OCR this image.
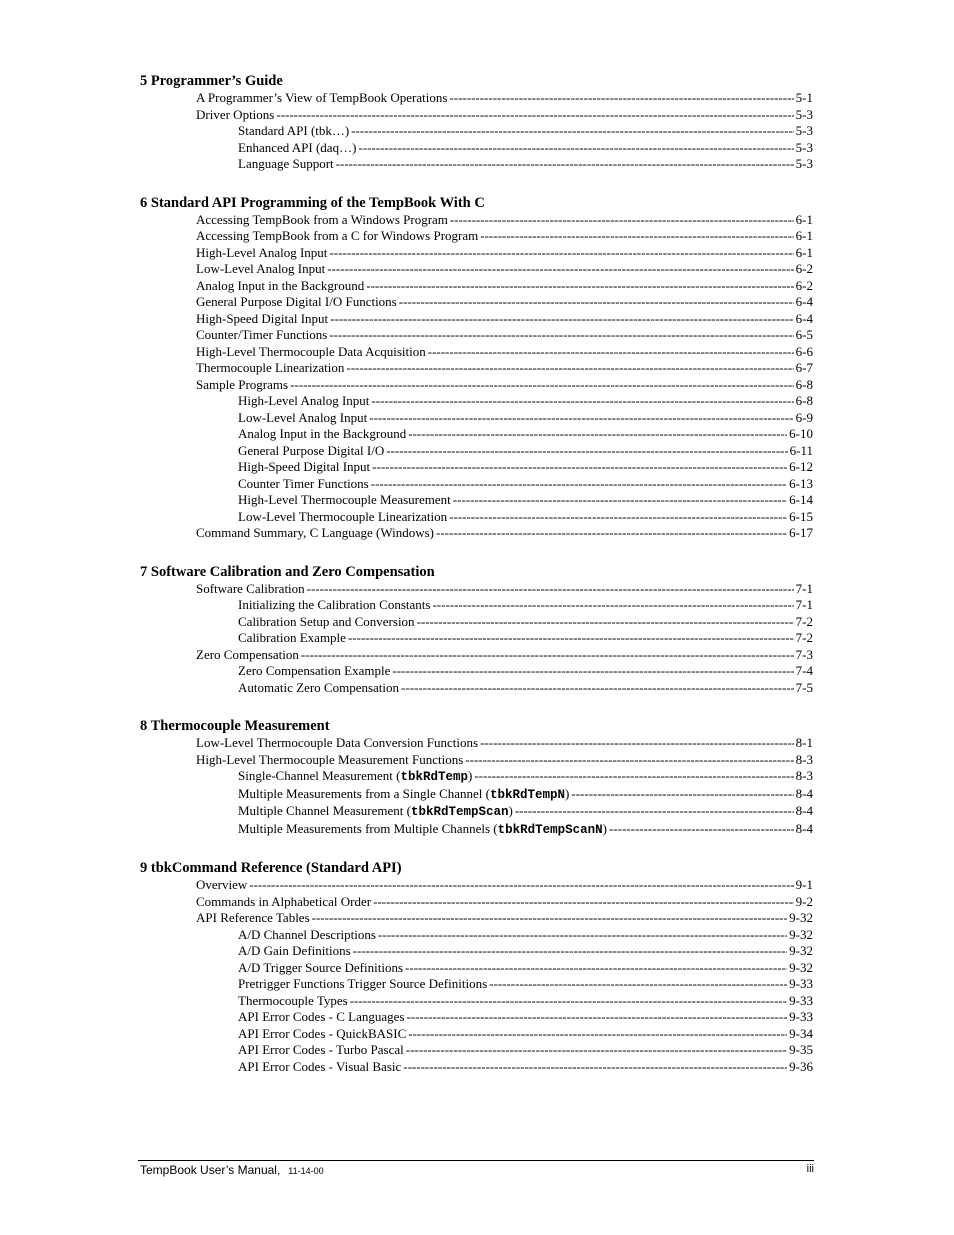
5 Programmer’s Guide
A Programmer’s View of TempBook Operations -----	5-1
Driver Options -----	5-3
Standard API (tbk…) -----	5-3
Enhanced API (daq…) -----	5-3
Language Support -----	5-3
6 Standard API Programming of the TempBook With C
Accessing TempBook from a Windows Program -----	6-1
Accessing TempBook from a C for Windows Program -----	6-1
High-Level Analog Input -----	6-1
Low-Level Analog Input -----	6-2
Analog Input in the Background -----	6-2
General Purpose Digital I/O Functions -----	6-4
High-Speed Digital Input -----	6-4
Counter/Timer Functions -----	6-5
High-Level Thermocouple Data Acquisition -----	6-6
Thermocouple Linearization -----	6-7
Sample Programs -----	6-8
High-Level Analog Input -----	6-8
Low-Level Analog Input -----	6-9
Analog Input in the Background -----	6-10
General Purpose Digital I/O -----	6-11
High-Speed Digital Input -----	6-12
Counter Timer Functions -----	6-13
High-Level Thermocouple Measurement -----	6-14
Low-Level Thermocouple Linearization -----	6-15
Command Summary, C Language (Windows) -----	6-17
7 Software Calibration and Zero Compensation
Software Calibration -----	7-1
Initializing the Calibration Constants -----	7-1
Calibration Setup and Conversion -----	7-2
Calibration Example -----	7-2
Zero Compensation -----	7-3
Zero Compensation Example -----	7-4
Automatic Zero Compensation -----	7-5
8 Thermocouple Measurement
Low-Level Thermocouple Data Conversion Functions -----	8-1
High-Level Thermocouple Measurement Functions -----	8-3
Single-Channel Measurement (tbkRdTemp) -----	8-3
Multiple Measurements from a Single Channel (tbkRdTempN) -----	8-4
Multiple Channel Measurement (tbkRdTempScan) -----	8-4
Multiple Measurements from Multiple Channels (tbkRdTempScanN) -----	8-4
9 tbkCommand Reference (Standard API)
Overview -----	9-1
Commands in Alphabetical Order -----	9-2
API Reference Tables -----	9-32
A/D Channel Descriptions -----	9-32
A/D Gain Definitions -----	9-32
A/D Trigger Source Definitions -----	9-32
Pretrigger Functions Trigger Source Definitions -----	9-33
Thermocouple Types -----	9-33
API Error Codes - C Languages -----	9-33
API Error Codes - QuickBASIC -----	9-34
API Error Codes - Turbo Pascal -----	9-35
API Error Codes - Visual Basic -----	9-36
TempBook User’s Manual, 11-14-00	iii
